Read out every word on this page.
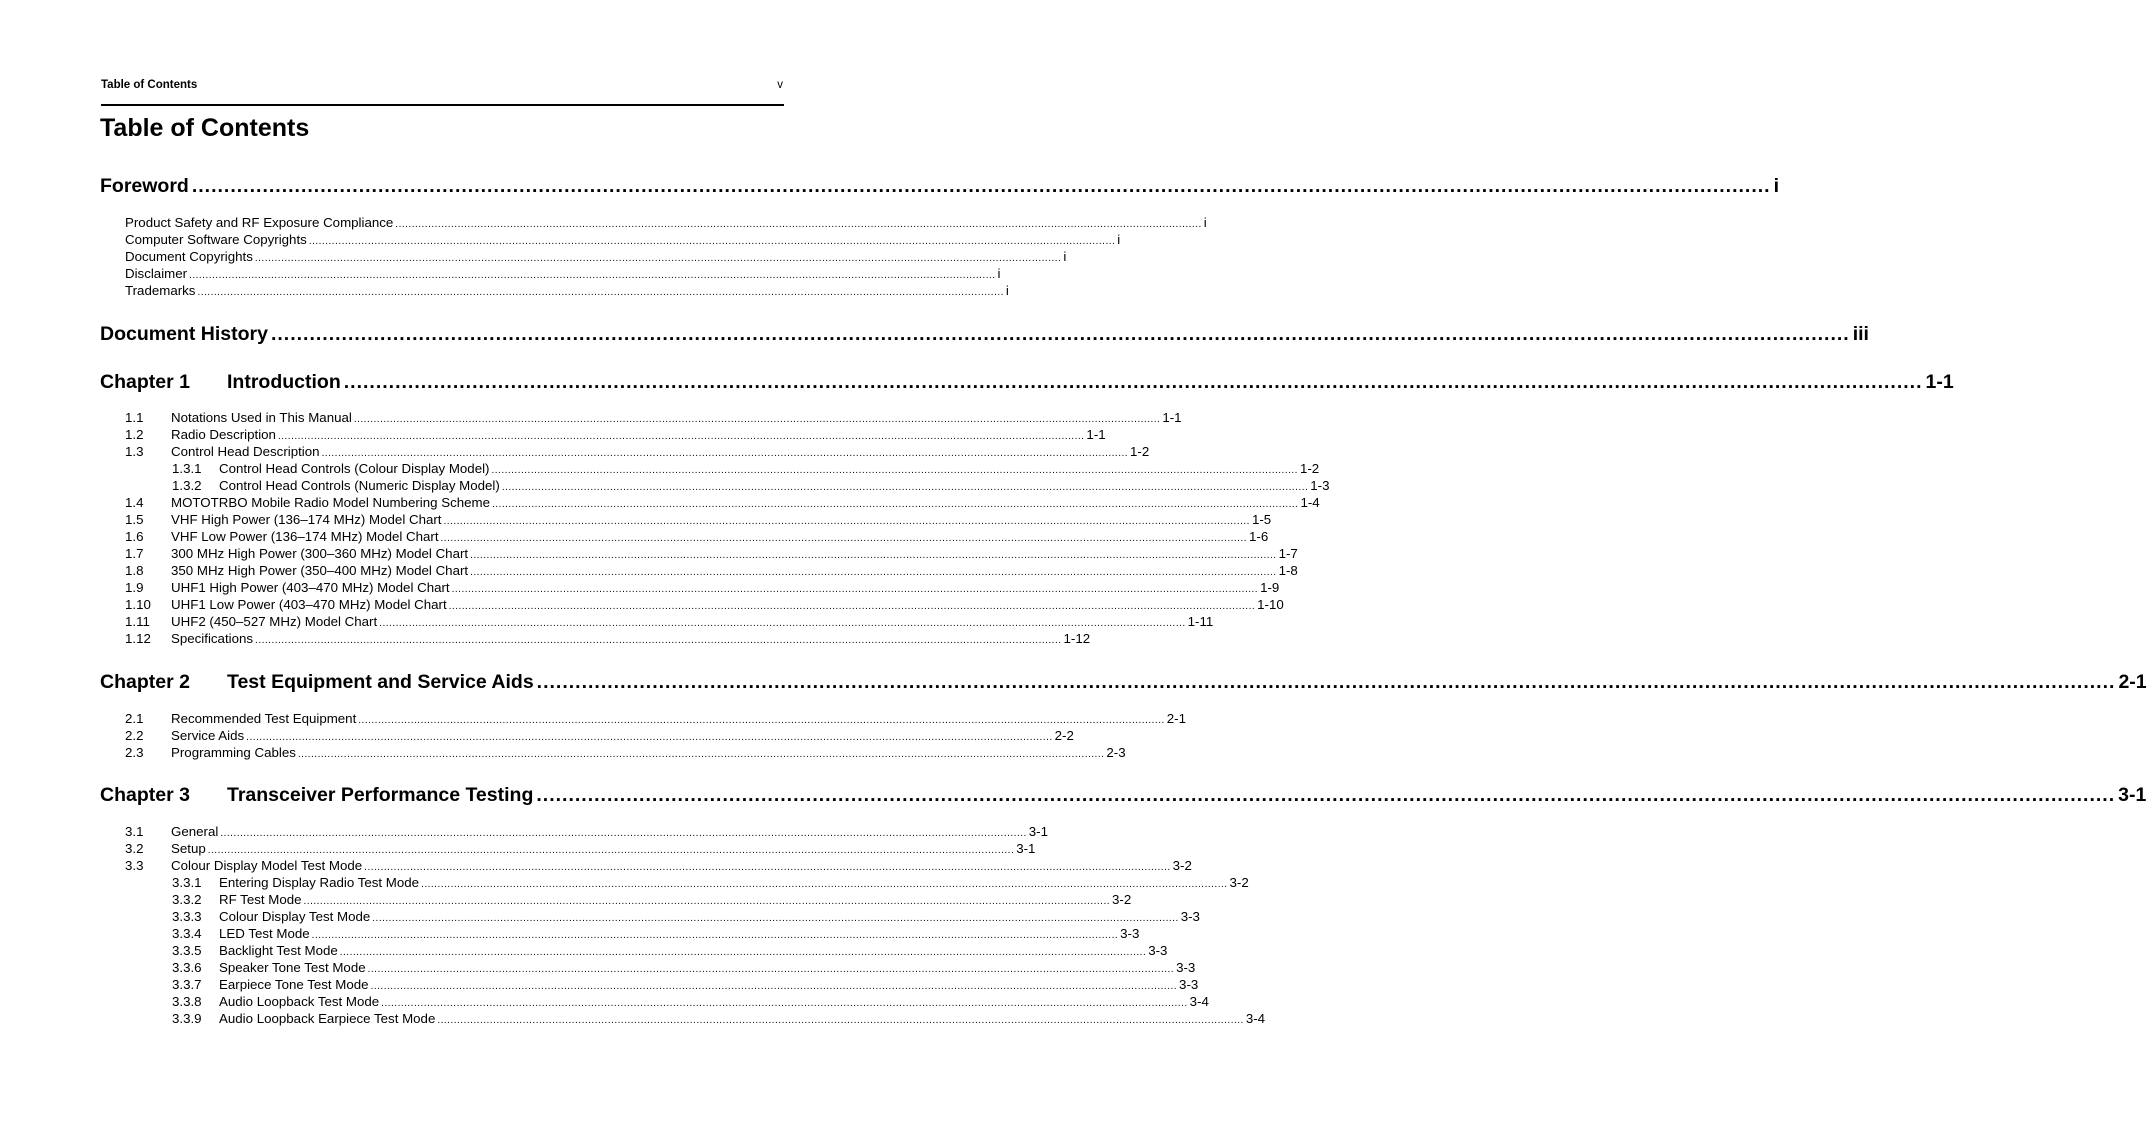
Table of Contents	v
Table of Contents
Foreword ...................................................................................................................................................................................................................................................... i
Product Safety and RF Exposure Compliance ...................................................................................................................................................................................................................................................... i
Computer Software Copyrights ...................................................................................................................................................................................................................................................... i
Document Copyrights ...................................................................................................................................................................................................................................................... i
Disclaimer ...................................................................................................................................................................................................................................................... i
Trademarks ...................................................................................................................................................................................................................................................... i
Document History ...................................................................................................................................................................................................................................................... iii
Chapter 1	Introduction ...................................................................................................................................................................................................................................................... 1-1
1.1	Notations Used in This Manual ...................................................................................................................................................................................................................................................... 1-1
1.2	Radio Description ...................................................................................................................................................................................................................................................... 1-1
1.3	Control Head Description ...................................................................................................................................................................................................................................................... 1-2
1.3.1	Control Head Controls (Colour Display Model) ...................................................................................................................................................................................................................................................... 1-2
1.3.2	Control Head Controls (Numeric Display Model) ...................................................................................................................................................................................................................................................... 1-3
1.4	MOTOTRBO Mobile Radio Model Numbering Scheme ...................................................................................................................................................................................................................................................... 1-4
1.5	VHF High Power (136–174 MHz) Model Chart ...................................................................................................................................................................................................................................................... 1-5
1.6	VHF Low Power (136–174 MHz) Model Chart ...................................................................................................................................................................................................................................................... 1-6
1.7	300 MHz High Power (300–360 MHz) Model Chart ...................................................................................................................................................................................................................................................... 1-7
1.8	350 MHz High Power (350–400 MHz) Model Chart ...................................................................................................................................................................................................................................................... 1-8
1.9	UHF1 High Power (403–470 MHz) Model Chart ...................................................................................................................................................................................................................................................... 1-9
1.10	UHF1 Low Power (403–470 MHz) Model Chart ...................................................................................................................................................................................................................................................... 1-10
1.11	UHF2 (450–527 MHz) Model Chart ...................................................................................................................................................................................................................................................... 1-11
1.12	Specifications ...................................................................................................................................................................................................................................................... 1-12
Chapter 2	Test Equipment and Service Aids ...................................................................................................................................................................................................................................................... 2-1
2.1	Recommended Test Equipment ...................................................................................................................................................................................................................................................... 2-1
2.2	Service Aids ...................................................................................................................................................................................................................................................... 2-2
2.3	Programming Cables ...................................................................................................................................................................................................................................................... 2-3
Chapter 3	Transceiver Performance Testing ...................................................................................................................................................................................................................................................... 3-1
3.1	General ...................................................................................................................................................................................................................................................... 3-1
3.2	Setup ...................................................................................................................................................................................................................................................... 3-1
3.3	Colour Display Model Test Mode ...................................................................................................................................................................................................................................................... 3-2
3.3.1	Entering Display Radio Test Mode ...................................................................................................................................................................................................................................................... 3-2
3.3.2	RF Test Mode ...................................................................................................................................................................................................................................................... 3-2
3.3.3	Colour Display Test Mode ...................................................................................................................................................................................................................................................... 3-3
3.3.4	LED Test Mode ...................................................................................................................................................................................................................................................... 3-3
3.3.5	Backlight Test Mode ...................................................................................................................................................................................................................................................... 3-3
3.3.6	Speaker Tone Test Mode ...................................................................................................................................................................................................................................................... 3-3
3.3.7	Earpiece Tone Test Mode ...................................................................................................................................................................................................................................................... 3-3
3.3.8	Audio Loopback Test Mode ...................................................................................................................................................................................................................................................... 3-4
3.3.9	Audio Loopback Earpiece Test Mode ...................................................................................................................................................................................................................................................... 3-4
